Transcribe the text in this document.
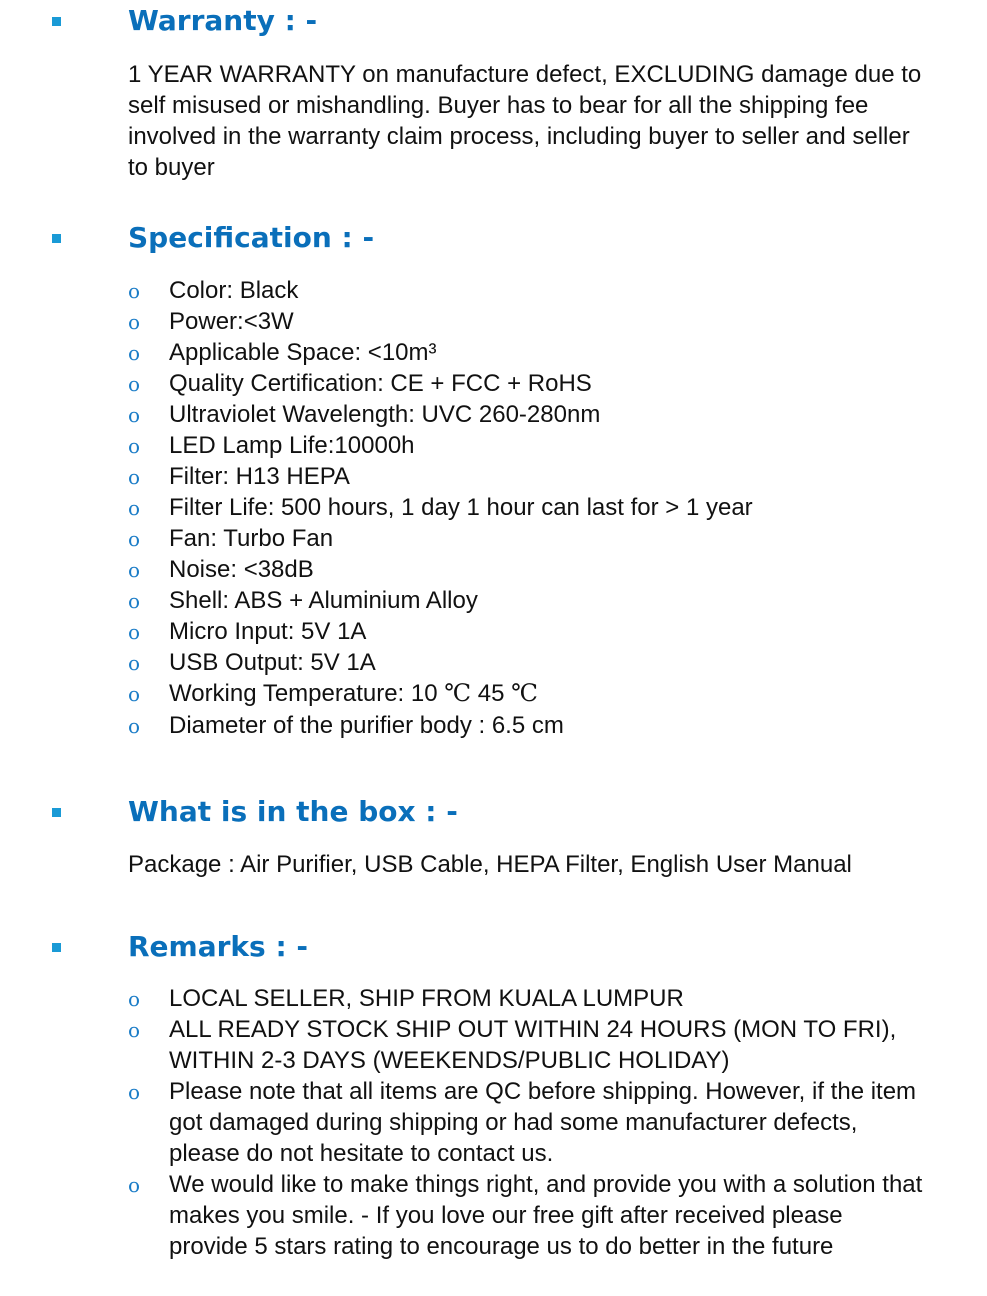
Warranty : -
1 YEAR WARRANTY on manufacture defect, EXCLUDING damage due to self misused or mishandling. Buyer has to bear for all the shipping fee involved in the warranty claim process, including buyer to seller and seller to buyer
Specification : -
o Color: Black
o Power:<3W
o Applicable Space: <10m³
o Quality Certification: CE + FCC + RoHS
o Ultraviolet Wavelength: UVC 260-280nm
o LED Lamp Life:10000h
o Filter: H13 HEPA
o Filter Life: 500 hours, 1 day 1 hour can last for > 1 year
o Fan: Turbo Fan
o Noise: <38dB
o Shell: ABS + Aluminium Alloy
o Micro Input: 5V 1A
o USB Output: 5V 1A
o Working Temperature: 10 ℃ 45 ℃
o Diameter of the purifier body : 6.5 cm
What is in the box : -
Package : Air Purifier, USB Cable, HEPA Filter, English User Manual
Remarks : -
o LOCAL SELLER, SHIP FROM KUALA LUMPUR
o ALL READY STOCK SHIP OUT WITHIN 24 HOURS (MON TO FRI), WITHIN 2-3 DAYS (WEEKENDS/PUBLIC HOLIDAY)
o Please note that all items are QC before shipping. However, if the item got damaged during shipping or had some manufacturer defects, please do not hesitate to contact us.
o We would like to make things right, and provide you with a solution that makes you smile. - If you love our free gift after received please provide 5 stars rating to encourage us to do better in the future
